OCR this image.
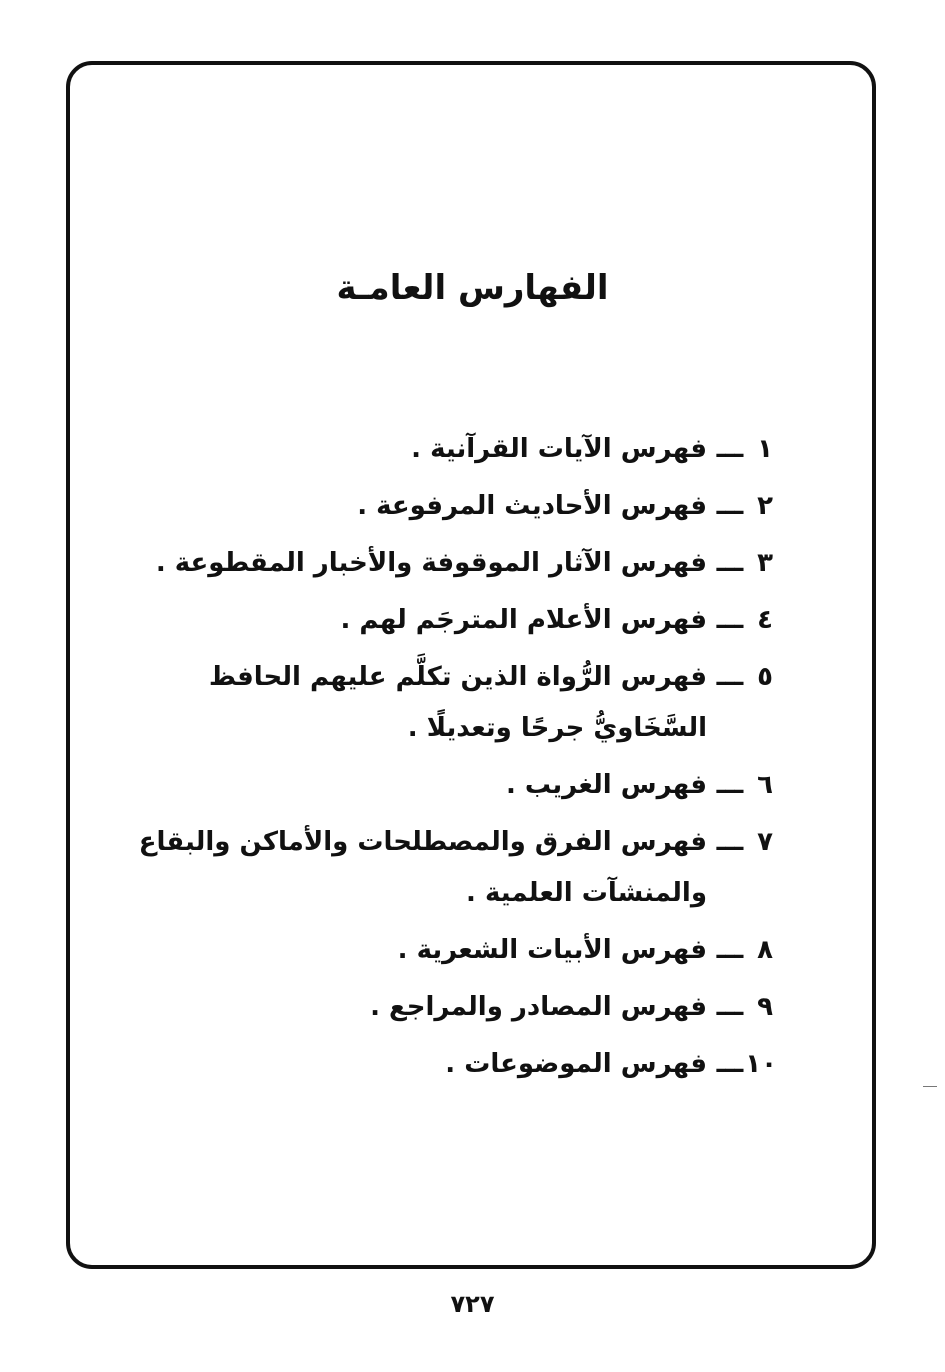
الفهارس العامـة
١
ـــ
فهرس الآيات القرآنية .
٢
ـــ
فهرس الأحاديث المرفوعة .
٣
ـــ
فهرس الآثار الموقوفة والأخبار المقطوعة .
٤
ـــ
فهرس الأعلام المترجَم لهم .
٥
ـــ
فهرس الرُّواة الذين تكلَّم عليهم الحافظ السَّخَاويُّ جرحًا وتعديلًا .
٦
ـــ
فهرس الغريب .
٧
ـــ
فهرس الفرق والمصطلحات والأماكن والبقاع والمنشآت العلمية .
٨
ـــ
فهرس الأبيات الشعرية .
٩
ـــ
فهرس المصادر والمراجع .
١٠
ـــ
فهرس الموضوعات .
٧٢٧
